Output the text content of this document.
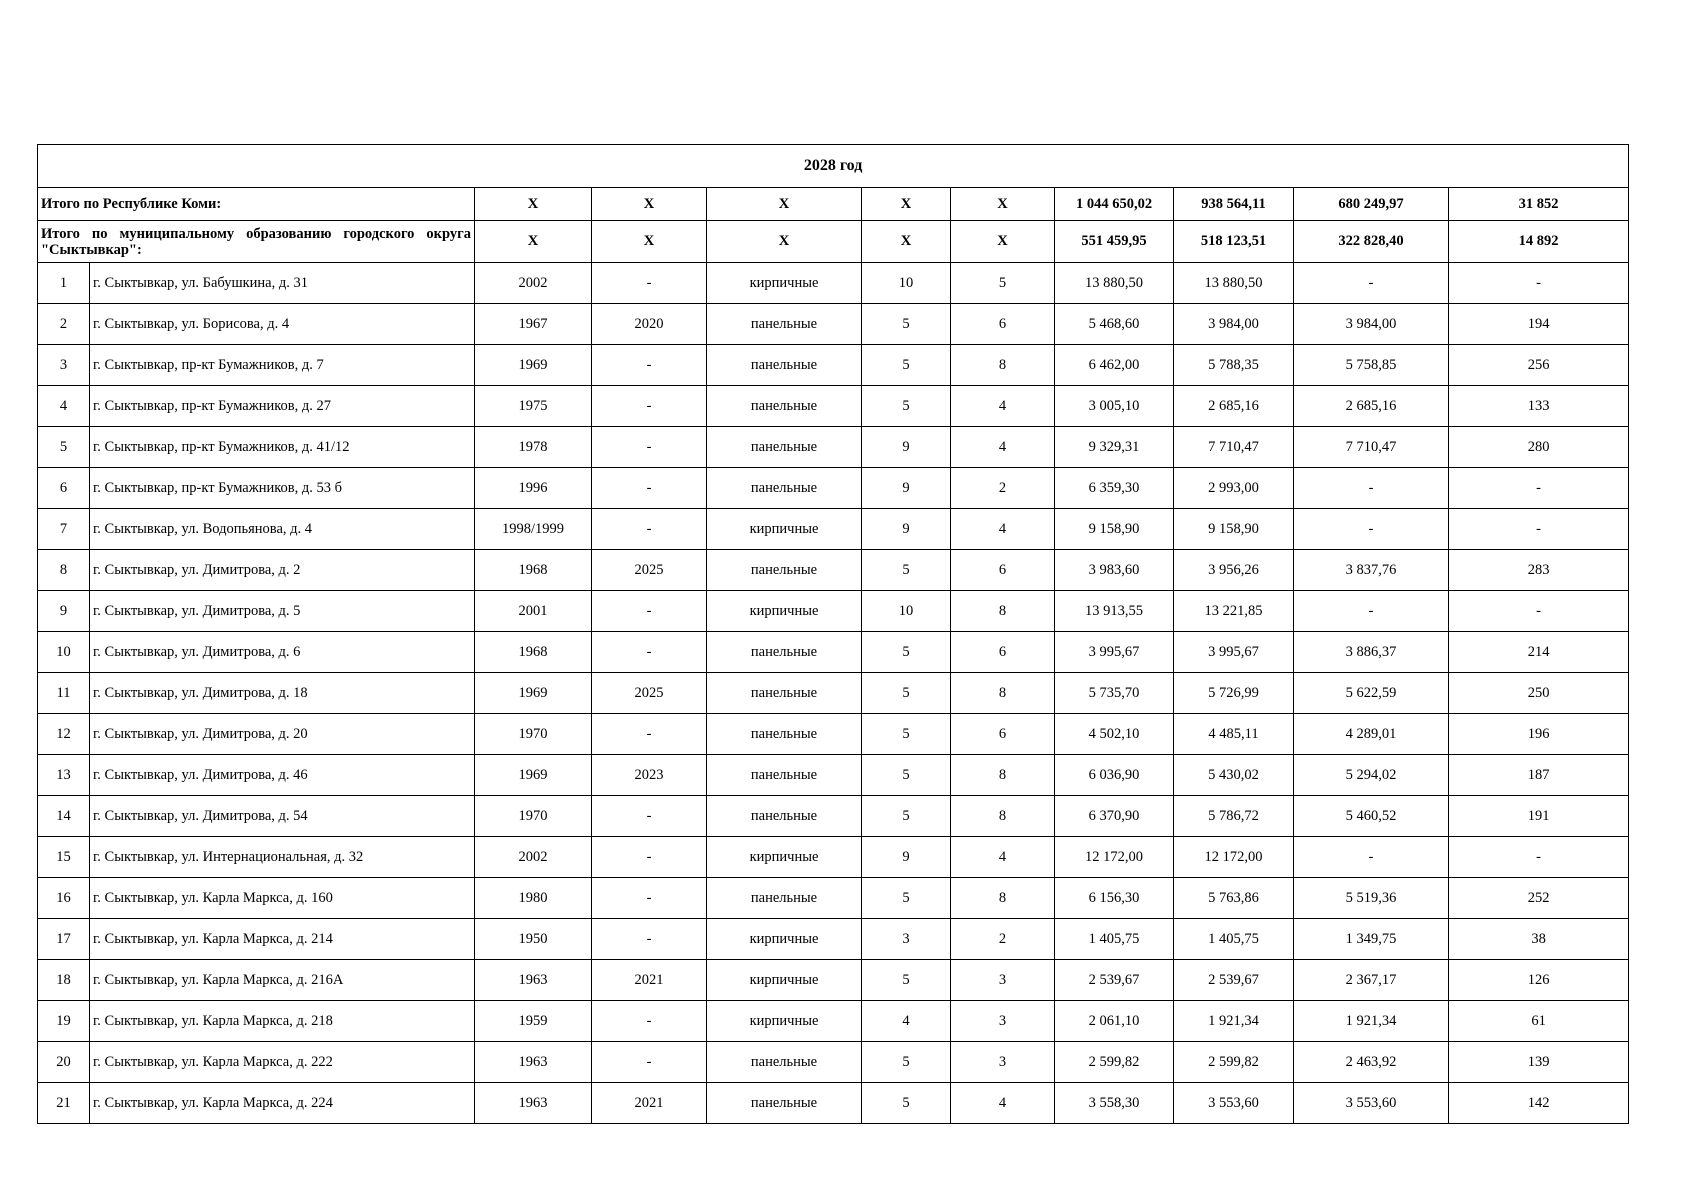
2028 год										
Итого по Республике Коми:		Х	Х	Х	Х	Х	1 044 650,02	938 564,11	680 249,97	31 852
Итого по муниципальному образованию городского округа "Сыктывкар":		Х	Х	Х	Х	Х	551 459,95	518 123,51	322 828,40	14 892
1	г. Сыктывкар, ул. Бабушкина, д. 31	2002	-	кирпичные	10	5	13 880,50	13 880,50	-	-
2	г. Сыктывкар, ул. Борисова, д. 4	1967	2020	панельные	5	6	5 468,60	3 984,00	3 984,00	194
3	г. Сыктывкар, пр-кт Бумажников, д. 7	1969	-	панельные	5	8	6 462,00	5 788,35	5 758,85	256
4	г. Сыктывкар, пр-кт Бумажников, д. 27	1975	-	панельные	5	4	3 005,10	2 685,16	2 685,16	133
5	г. Сыктывкар, пр-кт Бумажников, д. 41/12	1978	-	панельные	9	4	9 329,31	7 710,47	7 710,47	280
6	г. Сыктывкар, пр-кт Бумажников, д. 53 б	1996	-	панельные	9	2	6 359,30	2 993,00	-	-
7	г. Сыктывкар, ул. Водопьянова, д. 4	1998/1999	-	кирпичные	9	4	9 158,90	9 158,90	-	-
8	г. Сыктывкар, ул. Димитрова, д. 2	1968	2025	панельные	5	6	3 983,60	3 956,26	3 837,76	283
9	г. Сыктывкар, ул. Димитрова, д. 5	2001	-	кирпичные	10	8	13 913,55	13 221,85	-	-
10	г. Сыктывкар, ул. Димитрова, д. 6	1968	-	панельные	5	6	3 995,67	3 995,67	3 886,37	214
11	г. Сыктывкар, ул. Димитрова, д. 18	1969	2025	панельные	5	8	5 735,70	5 726,99	5 622,59	250
12	г. Сыктывкар, ул. Димитрова, д. 20	1970	-	панельные	5	6	4 502,10	4 485,11	4 289,01	196
13	г. Сыктывкар, ул. Димитрова, д. 46	1969	2023	панельные	5	8	6 036,90	5 430,02	5 294,02	187
14	г. Сыктывкар, ул. Димитрова, д. 54	1970	-	панельные	5	8	6 370,90	5 786,72	5 460,52	191
15	г. Сыктывкар, ул. Интернациональная, д. 32	2002	-	кирпичные	9	4	12 172,00	12 172,00	-	-
16	г. Сыктывкар, ул. Карла Маркса, д. 160	1980	-	панельные	5	8	6 156,30	5 763,86	5 519,36	252
17	г. Сыктывкар, ул. Карла Маркса, д. 214	1950	-	кирпичные	3	2	1 405,75	1 405,75	1 349,75	38
18	г. Сыктывкар, ул. Карла Маркса, д. 216А	1963	2021	кирпичные	5	3	2 539,67	2 539,67	2 367,17	126
19	г. Сыктывкар, ул. Карла Маркса, д. 218	1959	-	кирпичные	4	3	2 061,10	1 921,34	1 921,34	61
20	г. Сыктывкар, ул. Карла Маркса, д. 222	1963	-	панельные	5	3	2 599,82	2 599,82	2 463,92	139
21	г. Сыктывкар, ул. Карла Маркса, д. 224	1963	2021	панельные	5	4	3 558,30	3 553,60	3 553,60	142
